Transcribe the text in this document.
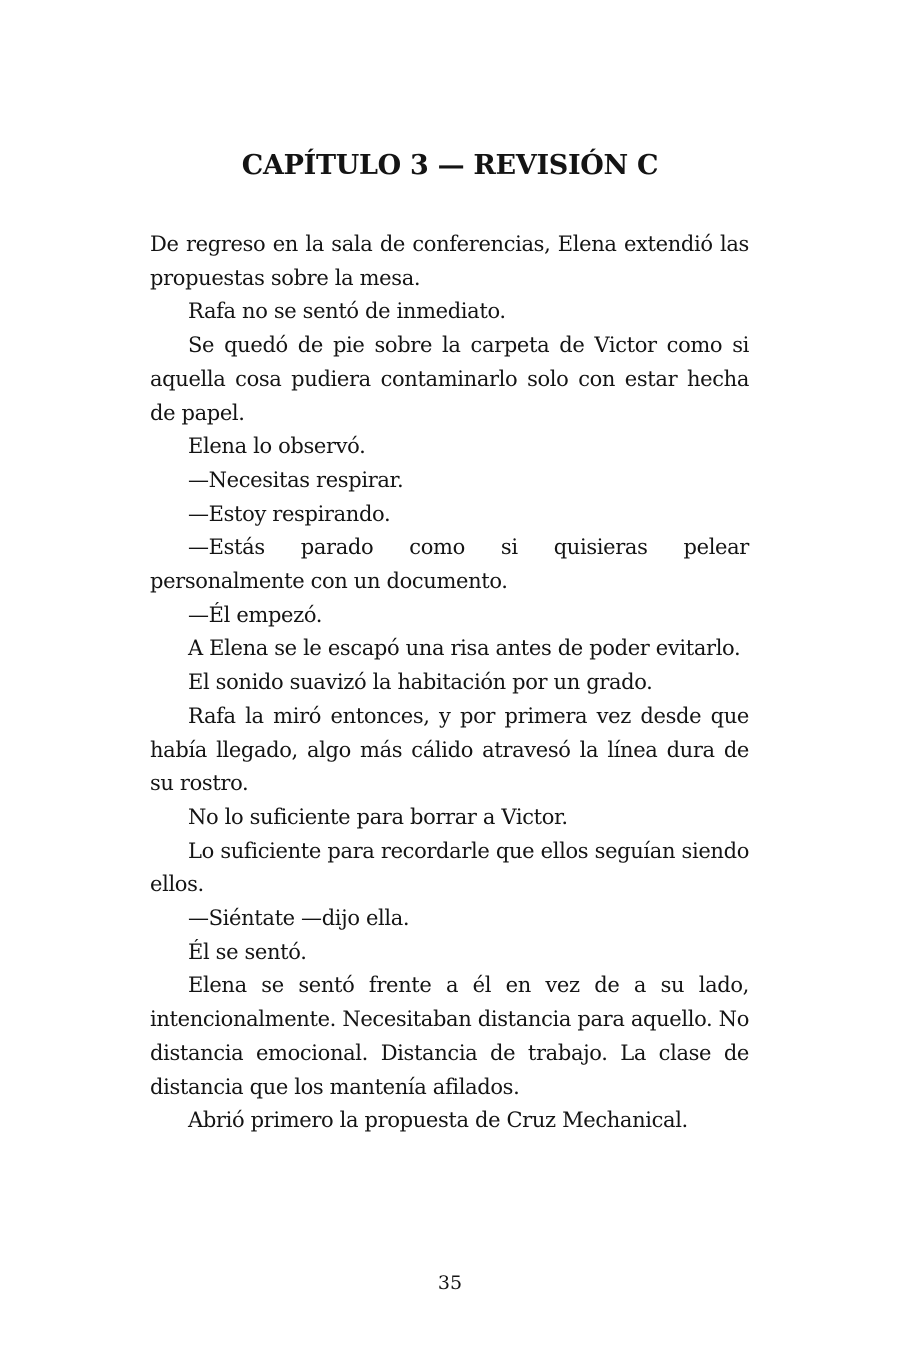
CAPÍTULO 3 — REVISIÓN C

De regreso en la sala de conferencias, Elena extendió las propuestas sobre la mesa.

Rafa no se sentó de inmediato.

Se quedó de pie sobre la carpeta de Victor como si aquella cosa pudiera contaminarlo solo con estar hecha de papel.

Elena lo observó.

—Necesitas respirar.

—Estoy respirando.

—Estás parado como si quisieras pelear personalmente con un documento.

—Él empezó.

A Elena se le escapó una risa antes de poder evitarlo.

El sonido suavizó la habitación por un grado.

Rafa la miró entonces, y por primera vez desde que había llegado, algo más cálido atravesó la línea dura de su rostro.

No lo suficiente para borrar a Victor.

Lo suficiente para recordarle que ellos seguían siendo ellos.

—Siéntate —dijo ella.

Él se sentó.

Elena se sentó frente a él en vez de a su lado, intencionalmente. Necesitaban distancia para aquello. No distancia emocional. Distancia de trabajo. La clase de distancia que los mantenía afilados.

Abrió primero la propuesta de Cruz Mechanical.

35
